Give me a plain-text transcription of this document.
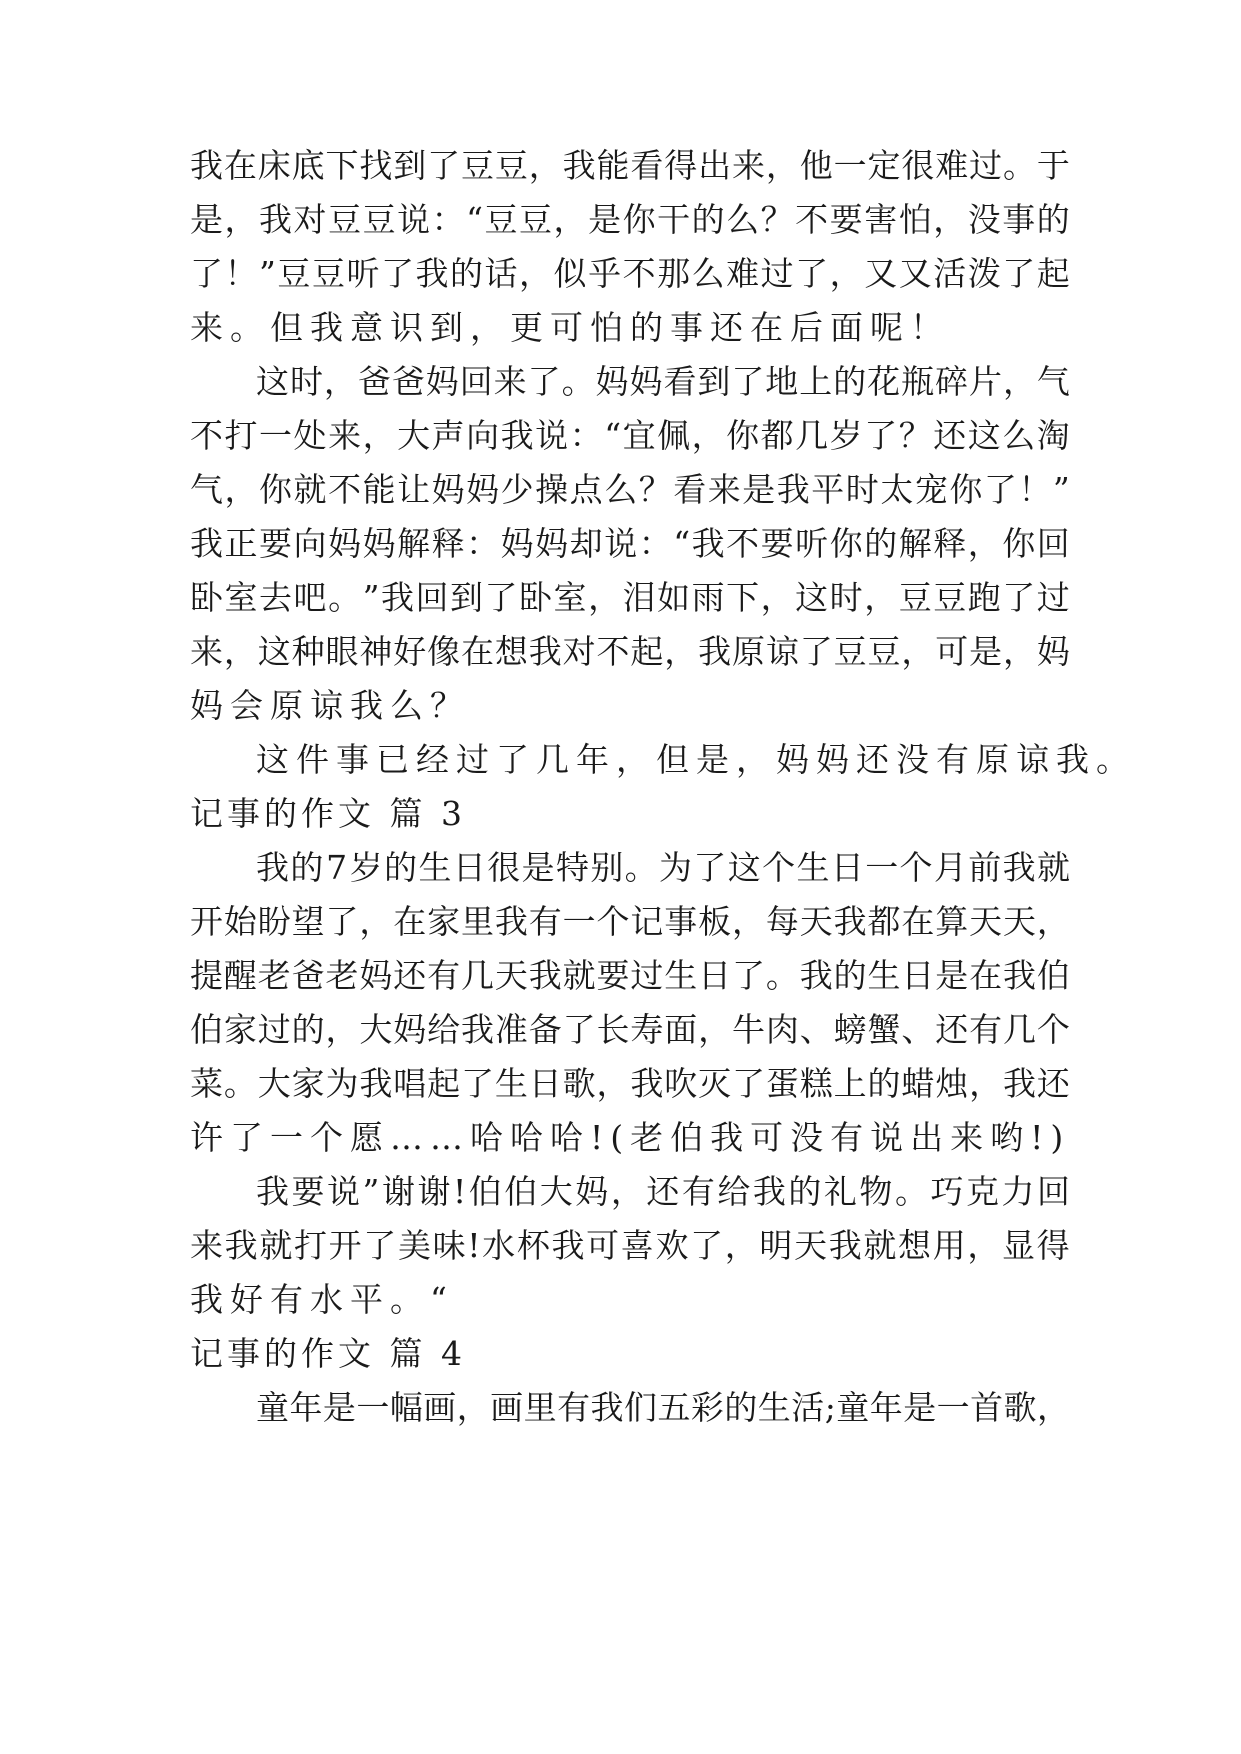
我 在 床 底 下 找 到 了 豆 豆 ， 我 能 看 得 出 来 ， 他 一 定 很 难 过 。 于
是 ， 我 对 豆 豆 说 ： “ 豆 豆 ， 是 你 干 的 么 ？ 不 要 害 怕 ， 没 事 的
了 ！ ” 豆 豆 听 了 我 的 话 ， 似 乎 不 那 么 难 过 了 ， 又 又 活 泼 了 起
来。但我意识到，更可怕的事还在后面呢！
这 时 ， 爸 爸 妈 回 来 了 。 妈 妈 看 到 了 地 上 的 花 瓶 碎 片 ， 气
不 打 一 处 来 ， 大 声 向 我 说 ： “ 宜 佩 ， 你 都 几 岁 了 ？ 还 这 么 淘
气 ， 你 就 不 能 让 妈 妈 少 操 点 么 ？ 看 来 是 我 平 时 太 宠 你 了 ！ ”
我 正 要 向 妈 妈 解 释 ： 妈 妈 却 说 ： “ 我 不 要 听 你 的 解 释 ， 你 回
卧 室 去 吧 。 ” 我 回 到 了 卧 室 ， 泪 如 雨 下 ， 这 时 ， 豆 豆 跑 了 过
来 ， 这 种 眼 神 好 像 在 想 我 对 不 起 ， 我 原 谅 了 豆 豆 ， 可 是 ， 妈
妈会原谅我么？
这件事已经过了几年，但是，妈妈还没有原谅我。
记事的作文 篇 3
我 的 7 岁 的 生 日 很 是 特 别 。 为 了 这 个 生 日 一 个 月 前 我 就
开 始 盼 望 了 ， 在 家 里 我 有 一 个 记 事 板 ， 每 天 我 都 在 算 天 天 ，
提 醒 老 爸 老 妈 还 有 几 天 我 就 要 过 生 日 了 。 我 的 生 日 是 在 我 伯
伯 家 过 的 ， 大 妈 给 我 准 备 了 长 寿 面 ， 牛 肉 、 螃 蟹 、 还 有 几 个
菜 。 大 家 为 我 唱 起 了 生 日 歌 ， 我 吹 灭 了 蛋 糕 上 的 蜡 烛 ， 我 还
许了一个愿……哈哈哈!(老伯我可没有说出来哟!)
我 要 说 ” 谢 谢 ! 伯 伯 大 妈 ， 还 有 给 我 的 礼 物 。 巧 克 力 回
来 我 就 打 开 了 美 味 ! 水 杯 我 可 喜 欢 了 ， 明 天 我 就 想 用 ， 显 得
我好有水平。“
记事的作文 篇 4
童 年 是 一 幅 画 ， 画 里 有 我 们 五 彩 的 生 活 ; 童 年 是 一 首 歌 ，
